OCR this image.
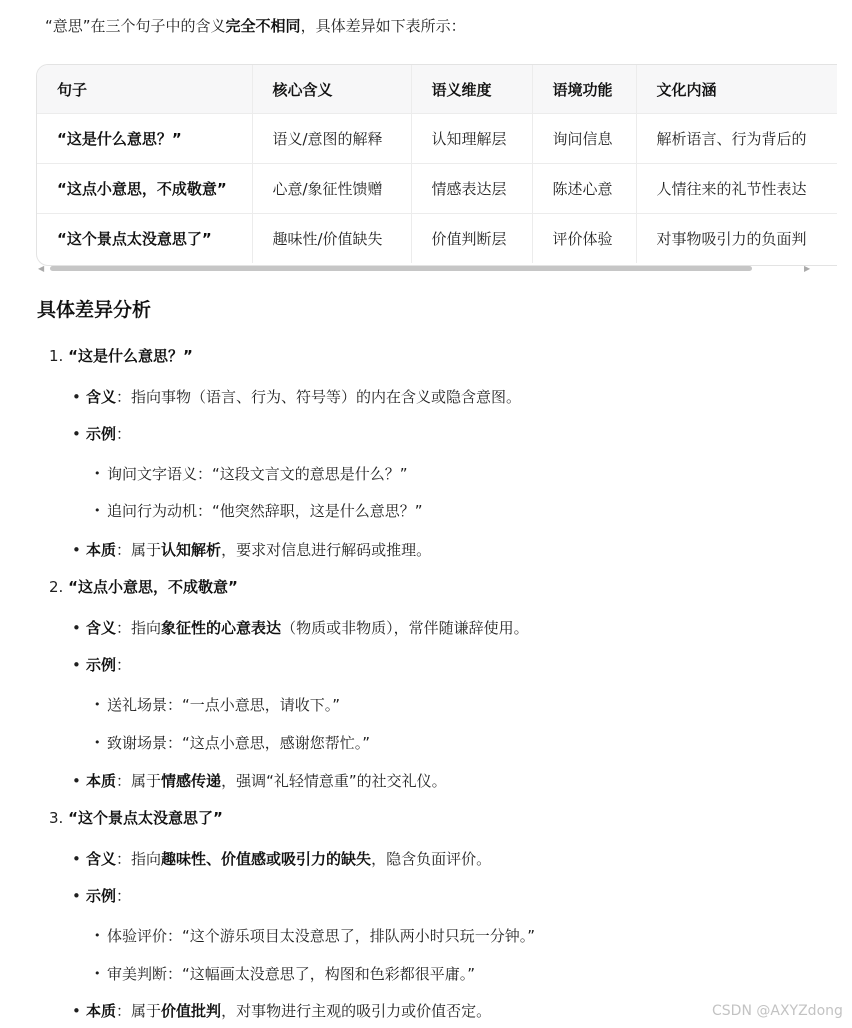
“意思”在三个句子中的含义完全不相同，具体差异如下表所示：
句子	核心含义	语义维度	语境功能	文化内涵
“这是什么意思？”	语义/意图的解释	认知理解层	询问信息	解析语言、行为背后的
“这点小意思，不成敬意”	心意/象征性馈赠	情感表达层	陈述心意	人情往来的礼节性表达
“这个景点太没意思了”	趣味性/价值缺失	价值判断层	评价体验	对事物吸引力的负面判
◀	▶
具体差异分析
1. “这是什么意思？”
• 含义：指向事物（语言、行为、符号等）的内在含义或隐含意图。
• 示例：
• 询问文字语义：“这段文言文的意思是什么？”
• 追问行为动机：“他突然辞职，这是什么意思？”
• 本质：属于认知解析，要求对信息进行解码或推理。
2. “这点小意思，不成敬意”
• 含义：指向象征性的心意表达（物质或非物质），常伴随谦辞使用。
• 示例：
• 送礼场景：“一点小意思，请收下。”
• 致谢场景：“这点小意思，感谢您帮忙。”
• 本质：属于情感传递，强调“礼轻情意重”的社交礼仪。
3. “这个景点太没意思了”
• 含义：指向趣味性、价值感或吸引力的缺失，隐含负面评价。
• 示例：
• 体验评价：“这个游乐项目太没意思了，排队两小时只玩一分钟。”
• 审美判断：“这幅画太没意思了，构图和色彩都很平庸。”
• 本质：属于价值批判，对事物进行主观的吸引力或价值否定。	CSDN @AXYZdong
